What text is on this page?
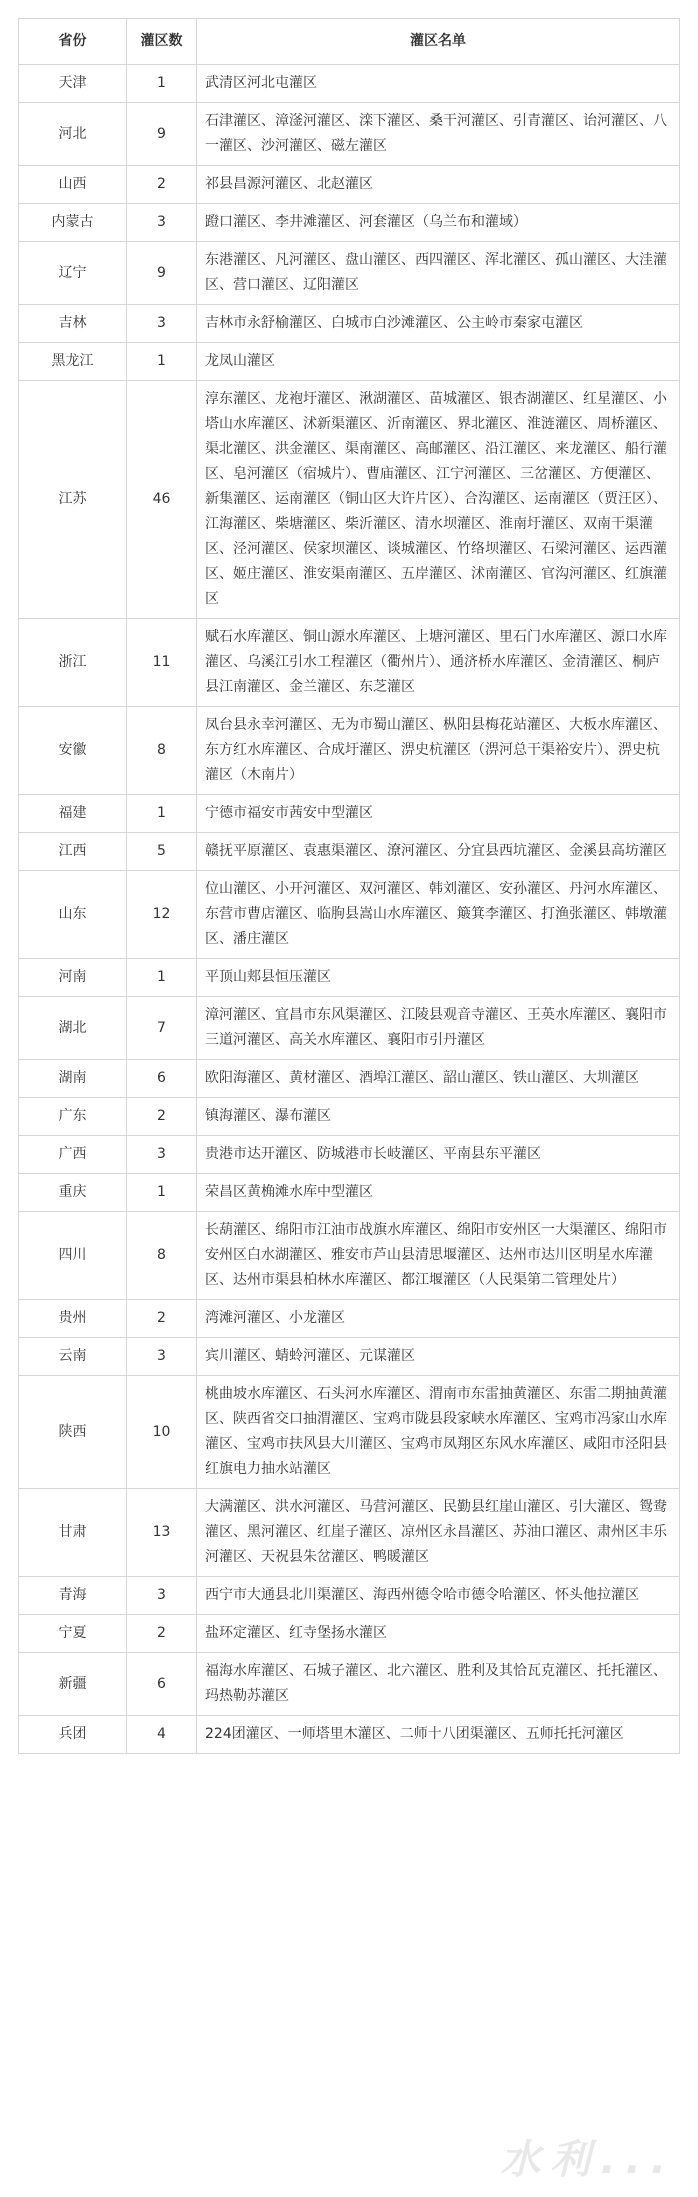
省份	灌区数	灌区名单
天津	1	武清区河北屯灌区
河北	9	石津灌区、漳滏河灌区、滦下灌区、桑干河灌区、引青灌区、诒河灌区、八一灌区、沙河灌区、磁左灌区
山西	2	祁县昌源河灌区、北赵灌区
内蒙古	3	蹬口灌区、李井滩灌区、河套灌区（乌兰布和灌域）
辽宁	9	东港灌区、凡河灌区、盘山灌区、西四灌区、浑北灌区、孤山灌区、大洼灌区、营口灌区、辽阳灌区
吉林	3	吉林市永舒榆灌区、白城市白沙滩灌区、公主岭市秦家屯灌区
黑龙江	1	龙凤山灌区
江苏	46	淳东灌区、龙袍圩灌区、湫湖灌区、苗城灌区、银杏湖灌区、红星灌区、小塔山水库灌区、沭新渠灌区、沂南灌区、界北灌区、淮涟灌区、周桥灌区、渠北灌区、洪金灌区、渠南灌区、高邮灌区、沿江灌区、来龙灌区、船行灌区、皂河灌区（宿城片）、曹庙灌区、江宁河灌区、三岔灌区、方便灌区、新集灌区、运南灌区（铜山区大许片区）、合沟灌区、运南灌区（贾汪区）、江海灌区、柴塘灌区、柴沂灌区、清水坝灌区、淮南圩灌区、双南干渠灌区、泾河灌区、侯家坝灌区、谈城灌区、竹络坝灌区、石梁河灌区、运西灌区、姬庄灌区、淮安渠南灌区、五岸灌区、沭南灌区、官沟河灌区、红旗灌区
浙江	11	赋石水库灌区、铜山源水库灌区、上塘河灌区、里石门水库灌区、源口水库灌区、乌溪江引水工程灌区（衢州片）、通济桥水库灌区、金清灌区、桐庐县江南灌区、金兰灌区、东芝灌区
安徽	8	凤台县永幸河灌区、无为市蜀山灌区、枞阳县梅花站灌区、大板水库灌区、东方红水库灌区、合成圩灌区、淠史杭灌区（淠河总干渠裕安片）、淠史杭灌区（木南片）
福建	1	宁德市福安市茜安中型灌区
江西	5	赣抚平原灌区、袁惠渠灌区、潦河灌区、分宜县西坑灌区、金溪县高坊灌区
山东	12	位山灌区、小开河灌区、双河灌区、韩刘灌区、安孙灌区、丹河水库灌区、东营市曹店灌区、临朐县嵩山水库灌区、簸箕李灌区、打渔张灌区、韩墩灌区、潘庄灌区
河南	1	平顶山郏县恒压灌区
湖北	7	漳河灌区、宜昌市东风渠灌区、江陵县观音寺灌区、王英水库灌区、襄阳市三道河灌区、高关水库灌区、襄阳市引丹灌区
湖南	6	欧阳海灌区、黄材灌区、酒埠江灌区、韶山灌区、铁山灌区、大圳灌区
广东	2	镇海灌区、瀑布灌区
广西	3	贵港市达开灌区、防城港市长岐灌区、平南县东平灌区
重庆	1	荣昌区黄桷滩水库中型灌区
四川	8	长葫灌区、绵阳市江油市战旗水库灌区、绵阳市安州区一大渠灌区、绵阳市安州区白水湖灌区、雅安市芦山县清思堰灌区、达州市达川区明星水库灌区、达州市渠县柏林水库灌区、都江堰灌区（人民渠第二管理处片）
贵州	2	湾滩河灌区、小龙灌区
云南	3	宾川灌区、蜻蛉河灌区、元谋灌区
陕西	10	桃曲坡水库灌区、石头河水库灌区、渭南市东雷抽黄灌区、东雷二期抽黄灌区、陕西省交口抽渭灌区、宝鸡市陇县段家峡水库灌区、宝鸡市冯家山水库灌区、宝鸡市扶风县大川灌区、宝鸡市凤翔区东风水库灌区、咸阳市泾阳县红旗电力抽水站灌区
甘肃	13	大满灌区、洪水河灌区、马营河灌区、民勤县红崖山灌区、引大灌区、鸳鸯灌区、黑河灌区、红崖子灌区、凉州区永昌灌区、苏油口灌区、肃州区丰乐河灌区、天祝县朱岔灌区、鸭暖灌区
青海	3	西宁市大通县北川渠灌区、海西州德令哈市德令哈灌区、怀头他拉灌区
宁夏	2	盐环定灌区、红寺堡扬水灌区
新疆	6	福海水库灌区、石城子灌区、北六灌区、胜利及其恰瓦克灌区、托托灌区、玛热勒苏灌区
兵团	4	224团灌区、一师塔里木灌区、二师十八团渠灌区、五师托托河灌区
水利...
